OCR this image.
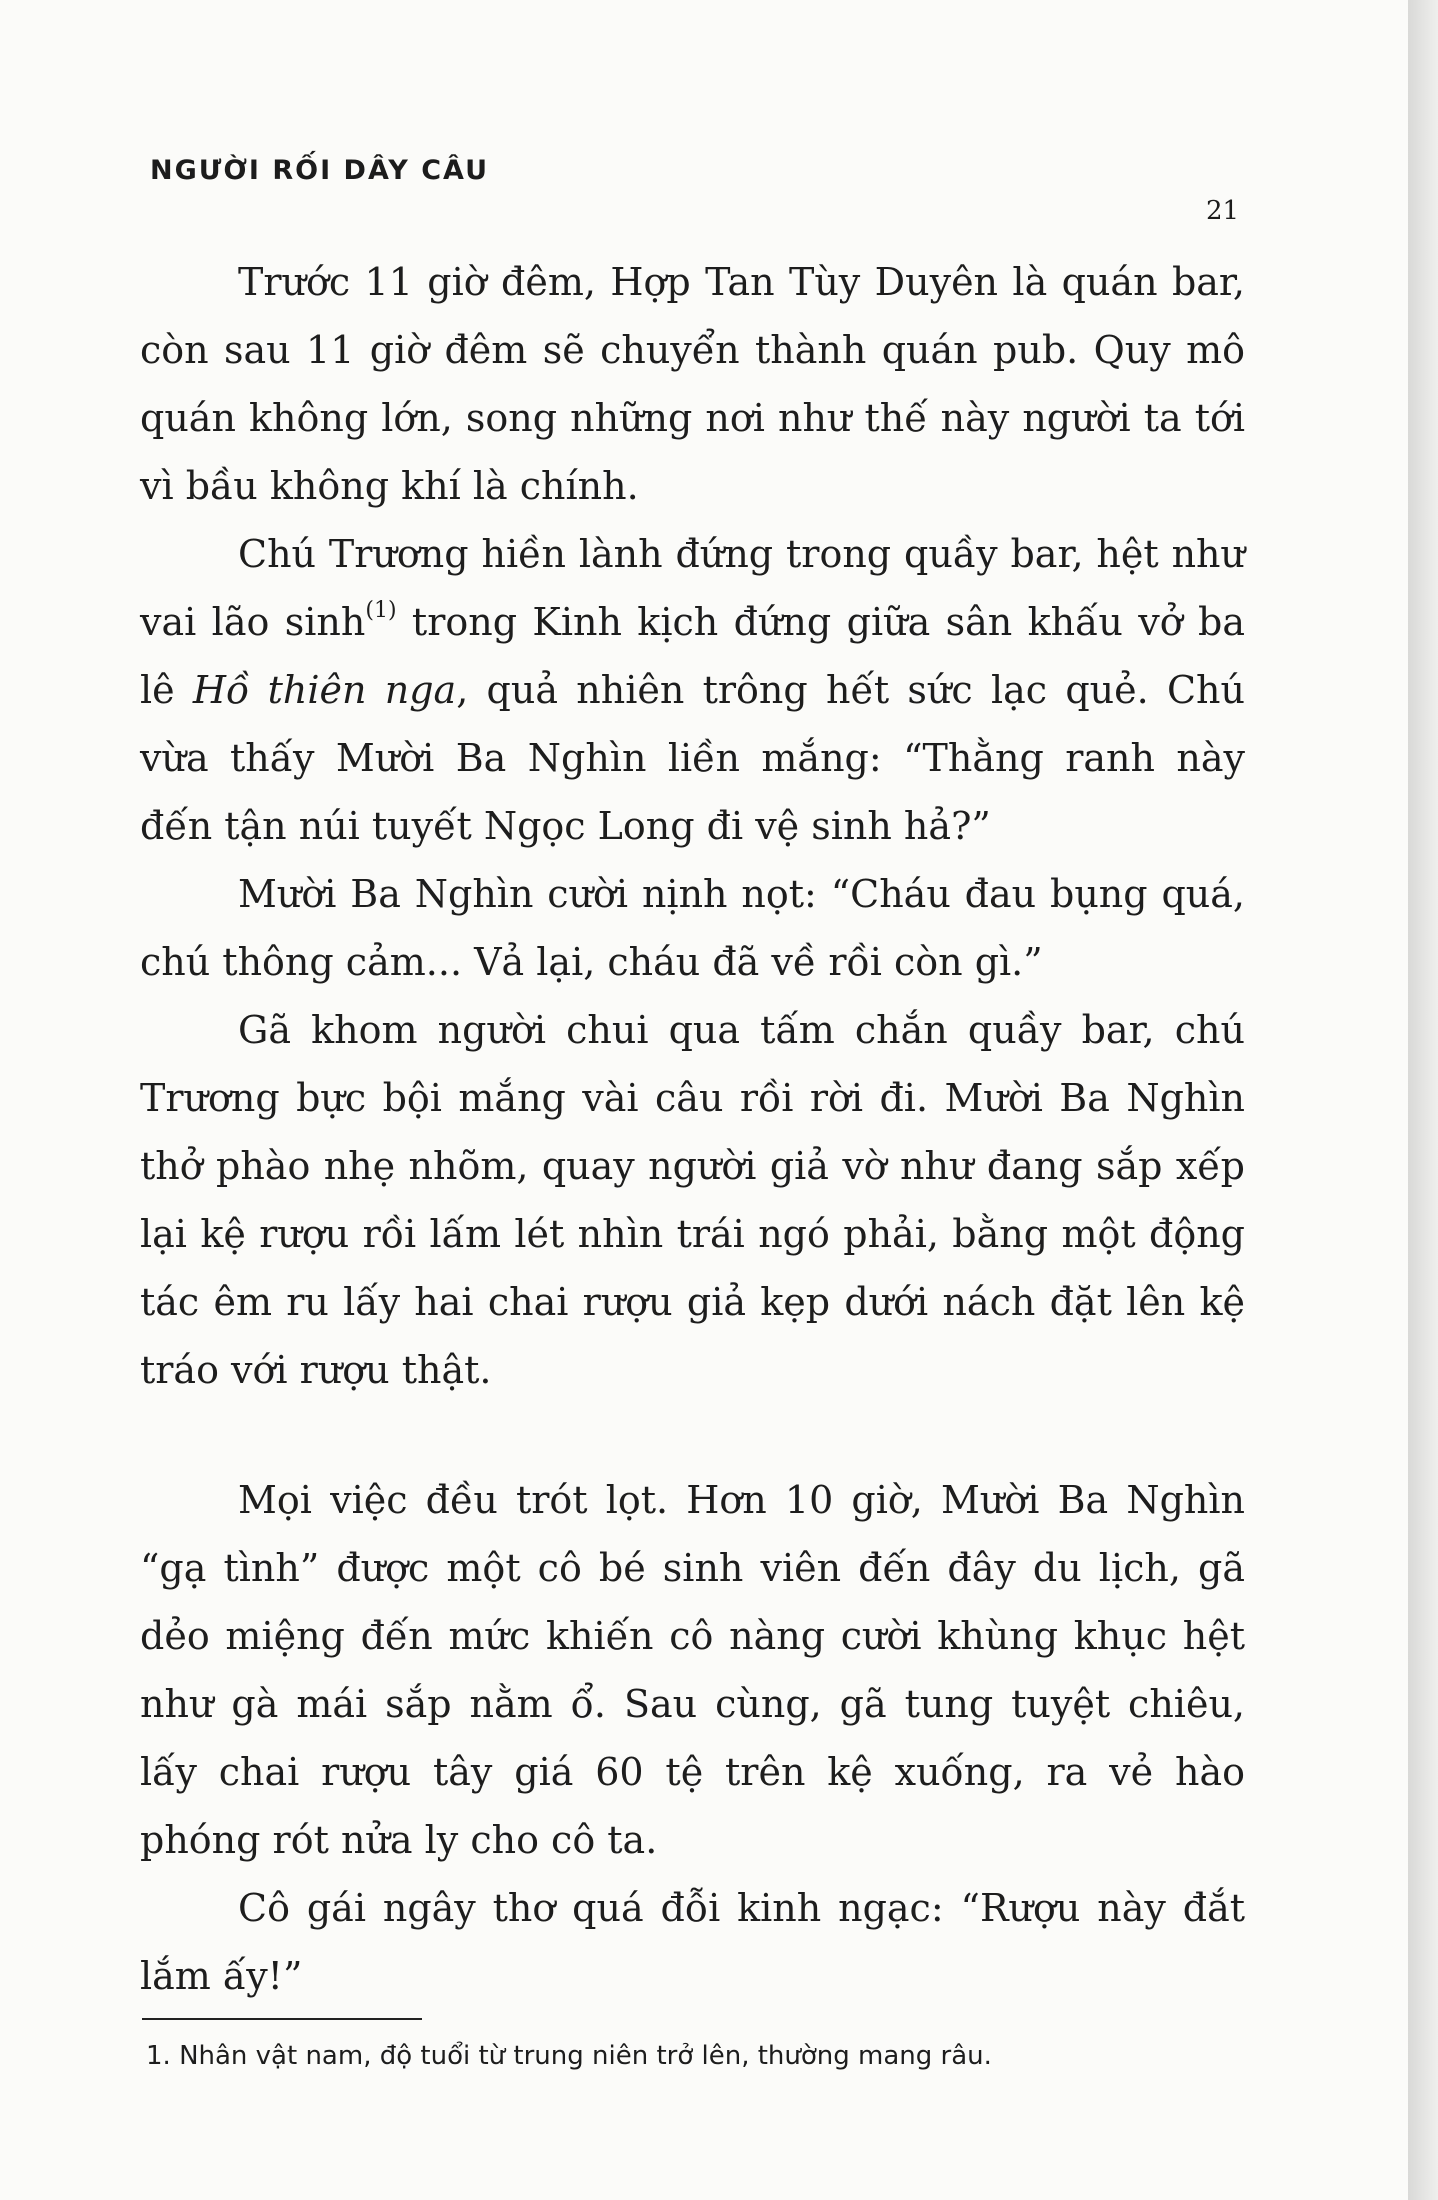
NGƯỜI RỐI DÂY CÂU
21

Trước 11 giờ đêm, Hợp Tan Tùy Duyên là quán bar, còn sau 11 giờ đêm sẽ chuyển thành quán pub. Quy mô quán không lớn, song những nơi như thế này người ta tới vì bầu không khí là chính.

Chú Trương hiền lành đứng trong quầy bar, hệt như vai lão $\sinh^{(1)}$ trong Kinh kịch đứng giữa sân khấu vở ba lê Hồ thiên nga, quả nhiên trông hết sức lạc quẻ. Chú vừa thấy Mười Ba Nghìn liền mắng: “Thằng ranh này đến tận núi tuyết Ngọc Long đi vệ sinh hả?”

Mười Ba Nghìn cười nịnh nọt: “Cháu đau bụng quá, chú thông cảm... Vả lại, cháu đã về rồi còn gì.”

Gã khom người chui qua tấm chắn quầy bar, chú Trương bực bội mắng vài câu rồi rời đi. Mười Ba Nghìn thở phào nhẹ nhõm, quay người giả vờ như đang sắp xếp lại kệ rượu rồi lấm lét nhìn trái ngó phải, bằng một động tác êm ru lấy hai chai rượu giả kẹp dưới nách đặt lên kệ tráo với rượu thật.

Mọi việc đều trót lọt. Hơn 10 giờ, Mười Ba Nghìn “gạ tình” được một cô bé sinh viên đến đây du lịch, gã dẻo miệng đến mức khiến cô nàng cười khùng khục hệt như gà mái sắp nằm ổ. Sau cùng, gã tung tuyệt chiêu, lấy chai rượu tây giá 60 tệ trên kệ xuống, ra vẻ hào phóng rót nửa ly cho cô ta.

Cô gái ngây thơ quá đỗi kinh ngạc: “Rượu này đắt lắm ấy!”

1. Nhân vật nam, độ tuổi từ trung niên trở lên, thường mang râu.
